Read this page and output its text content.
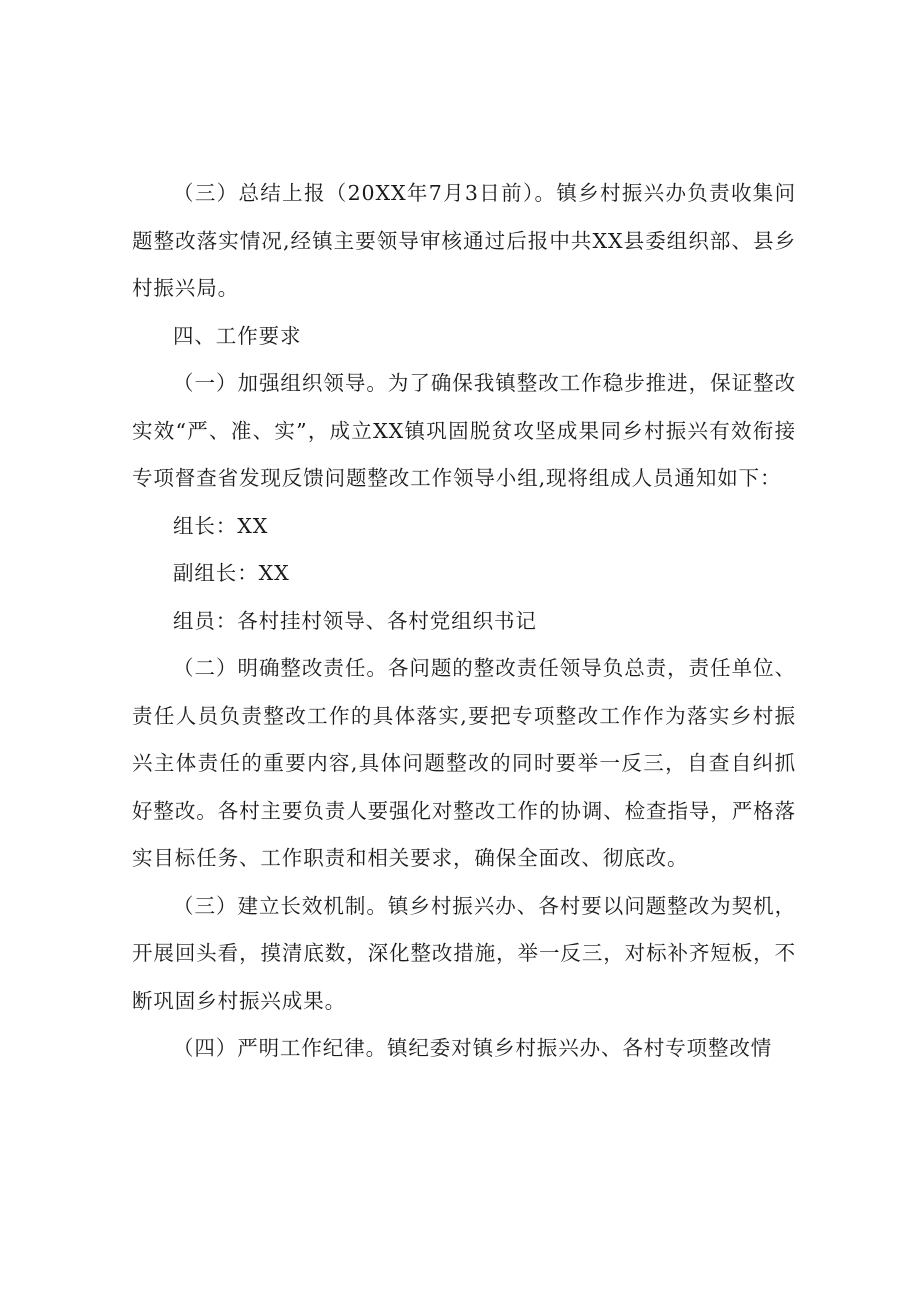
（三）总结上报（20XX年7月3日前）。镇乡村振兴办负责收集问题整改落实情况,经镇主要领导审核通过后报中共XX县委组织部、县乡村振兴局。

四、工作要求

（一）加强组织领导。为了确保我镇整改工作稳步推进，保证整改实效“严、准、实”，成立XX镇巩固脱贫攻坚成果同乡村振兴有效衔接专项督查省发现反馈问题整改工作领导小组,现将组成人员通知如下：

组长：XX

副组长：XX

组员：各村挂村领导、各村党组织书记

（二）明确整改责任。各问题的整改责任领导负总责，责任单位、责任人员负责整改工作的具体落实,要把专项整改工作作为落实乡村振兴主体责任的重要内容,具体问题整改的同时要举一反三，自查自纠抓好整改。各村主要负责人要强化对整改工作的协调、检查指导，严格落实目标任务、工作职责和相关要求，确保全面改、彻底改。

（三）建立长效机制。镇乡村振兴办、各村要以问题整改为契机，开展回头看，摸清底数，深化整改措施，举一反三，对标补齐短板，不断巩固乡村振兴成果。

（四）严明工作纪律。镇纪委对镇乡村振兴办、各村专项整改情
